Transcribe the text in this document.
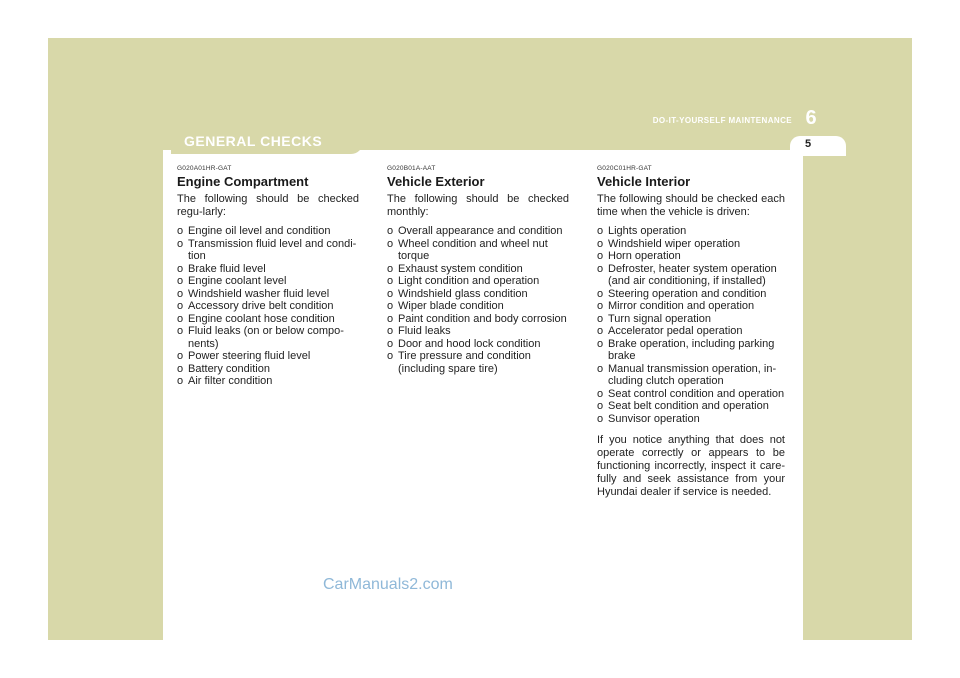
GENERAL CHECKS
DO-IT-YOURSELF MAINTENANCE 6
5
G020A01HR-GAT
Engine Compartment
The following should be checked regu-larly:
o Engine oil level and condition
o Transmission fluid level and condi-tion
o Brake fluid level
o Engine coolant level
o Windshield washer fluid level
o Accessory drive belt condition
o Engine coolant hose condition
o Fluid leaks (on or below compo-nents)
o Power steering fluid level
o Battery condition
o Air filter condition
G020B01A-AAT
Vehicle Exterior
The following should be checked monthly:
o Overall appearance and condition
o Wheel condition and wheel nut torque
o Exhaust system condition
o Light condition and operation
o Windshield glass condition
o Wiper blade condition
o Paint condition and body corrosion
o Fluid leaks
o Door and hood lock condition
o Tire pressure and condition (including spare tire)
G020C01HR-GAT
Vehicle Interior
The following should be checked each time when the vehicle is driven:
o Lights operation
o Windshield wiper operation
o Horn operation
o Defroster, heater system operation (and air conditioning, if installed)
o Steering operation and condition
o Mirror condition and operation
o Turn signal operation
o Accelerator pedal operation
o Brake operation, including parking brake
o Manual transmission operation, in-cluding clutch operation
o Seat control condition and operation
o Seat belt condition and operation
o Sunvisor operation
If you notice anything that does not operate correctly or appears to be functioning incorrectly, inspect it care-fully and seek assistance from your Hyundai dealer if service is needed.
CarManuals2.com
